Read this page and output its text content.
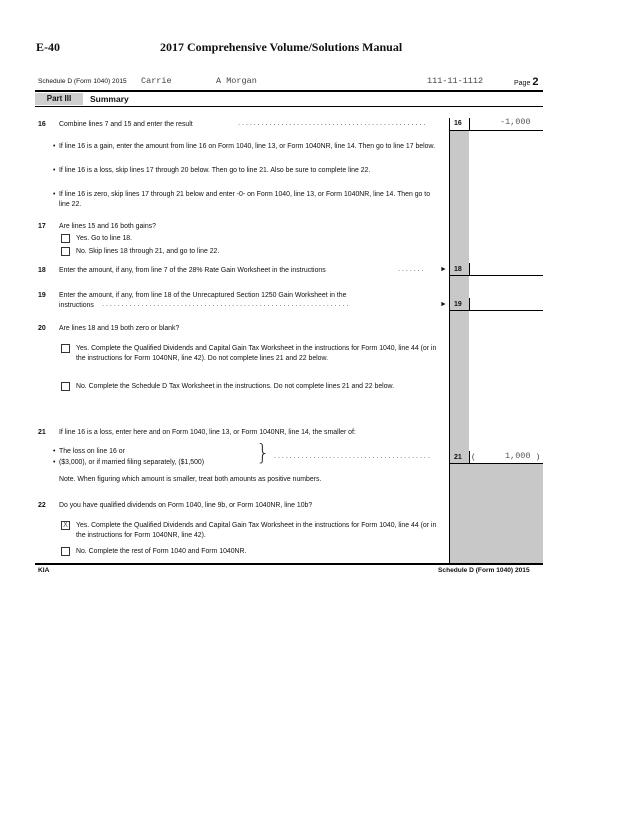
E-40	2017 Comprehensive Volume/Solutions Manual
Schedule D (Form 1040) 2015 Carrie	A Morgan	111-11-1112	Page 2
Part III	Summary
16 Combine lines 7 and 15 and enter the result	................................................	16	-1,000
• If line 16 is a gain, enter the amount from line 16 on Form 1040, line 13, or Form 1040NR, line 14. Then go to line 17 below.
• If line 16 is a loss, skip lines 17 through 20 below. Then go to line 21. Also be sure to complete line 22.
• If line 16 is zero, skip lines 17 through 21 below and enter -0- on Form 1040, line 13, or Form 1040NR, line 14. Then go to line 22.
17 Are lines 15 and 16 both gains?
Yes. Go to line 18.
No. Skip lines 18 through 21, and go to line 22.
18 Enter the amount, if any, from line 7 of the 28% Rate Gain Worksheet in the instructions	.......	► 18
19 Enter the amount, if any, from line 18 of the Unrecaptured Section 1250 Gain Worksheet in the
instructions ...............................................................	► 19
20 Are lines 18 and 19 both zero or blank?
Yes. Complete the Qualified Dividends and Capital Gain Tax Worksheet in the instructions for Form 1040, line 44 (or in the instructions for Form 1040NR, line 42). Do not complete lines 21 and 22 below.
No. Complete the Schedule D Tax Worksheet in the instructions. Do not complete lines 21 and 22 below.
21 If line 16 is a loss, enter here and on Form 1040, line 13, or Form 1040NR, line 14, the smaller of:
• The loss on line 16 or
• ($3,000), or if married filing separately, ($1,500)	} ........................................	21 (	1,000 )
Note. When figuring which amount is smaller, treat both amounts as positive numbers.
22 Do you have qualified dividends on Form 1040, line 9b, or Form 1040NR, line 10b?
X	Yes. Complete the Qualified Dividends and Capital Gain Tax Worksheet in the instructions for Form 1040, line 44 (or in the instructions for Form 1040NR, line 42).
No. Complete the rest of Form 1040 and Form 1040NR.
KIA	Schedule D (Form 1040) 2015
